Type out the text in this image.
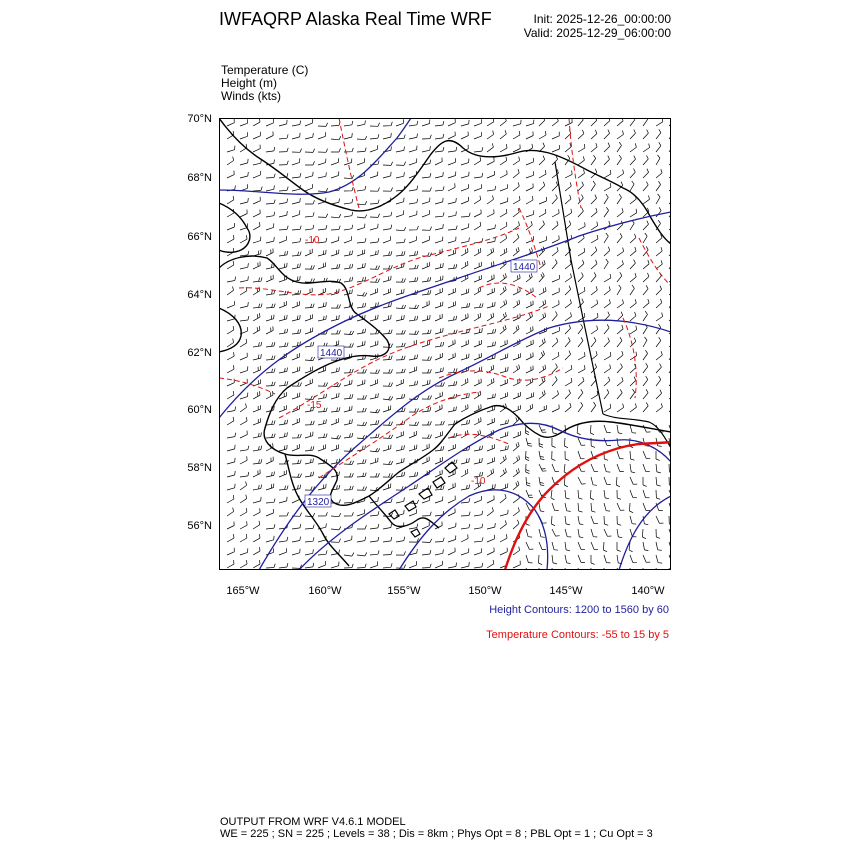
IWFAQRP Alaska Real Time WRF	Init: 2025-12-26_00:00:00
Valid: 2025-12-29_06:00:00
Temperature (C)
Height (m)
Winds (kts)
70°N
68°N
66°N
64°N
62°N
60°N
58°N
56°N
165°W	160°W	155°W	150°W	145°W	140°W
1440
1440
1320
-10
-15
-10
Height Contours: 1200 to 1560 by 60
Temperature Contours: -55 to 15 by 5
OUTPUT FROM WRF V4.6.1 MODEL
WE = 225 ; SN = 225 ; Levels = 38 ; Dis = 8km ; Phys Opt = 8 ; PBL Opt = 1 ; Cu Opt = 3
